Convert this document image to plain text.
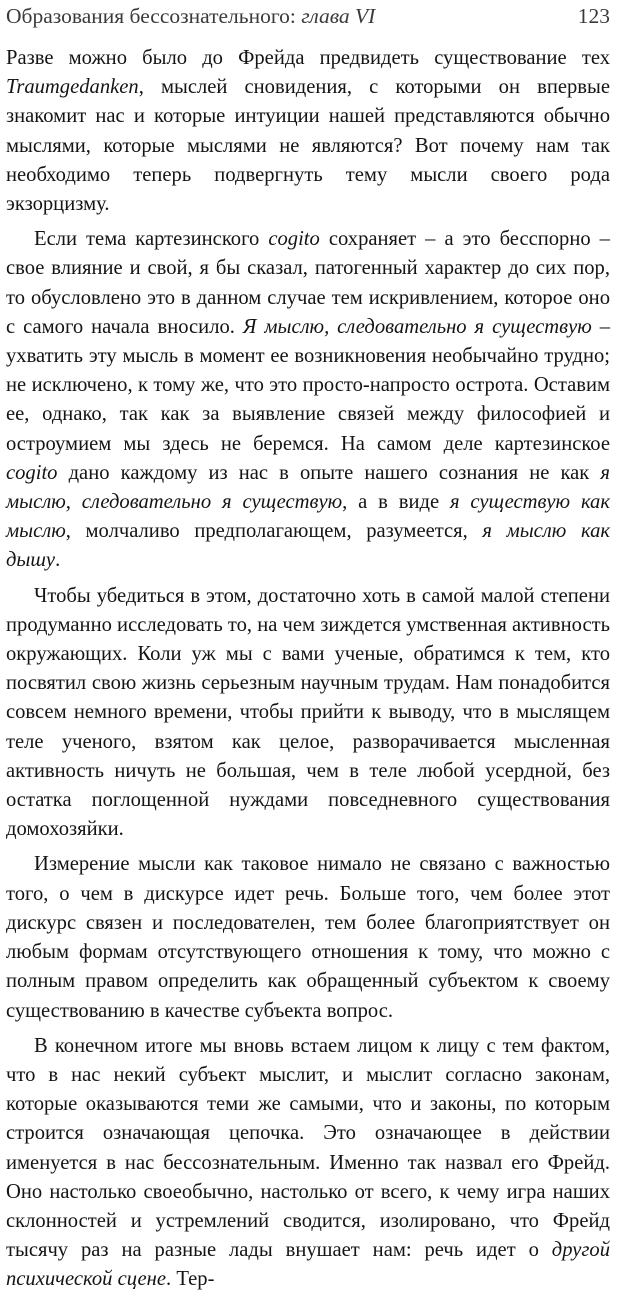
Образования бессознательного: глава VI	123

Разве можно было до Фрейда предвидеть существование тех Traumgedanken, мыслей сновидения, с которыми он впервые знакомит нас и которые интуиции нашей представляются обычно мыслями, которые мыслями не являются? Вот почему нам так необходимо теперь подвергнуть тему мысли своего рода экзорцизму.

Если тема картезинского cogito сохраняет – а это бесспорно – свое влияние и свой, я бы сказал, патогенный характер до сих пор, то обусловлено это в данном случае тем искривлением, которое оно с самого начала вносило. Я мыслю, следовательно я существую – ухватить эту мысль в момент ее возникновения необычайно трудно; не исключено, к тому же, что это просто-напросто острота. Оставим ее, однако, так как за выявление связей между философией и остроумием мы здесь не беремся. На самом деле картезинское cogito дано каждому из нас в опыте нашего сознания не как я мыслю, следовательно я существую, а в виде я существую как мыслю, молчаливо предполагающем, разумеется, я мыслю как дышу.

Чтобы убедиться в этом, достаточно хоть в самой малой степени продуманно исследовать то, на чем зиждется умственная активность окружающих. Коли уж мы с вами ученые, обратимся к тем, кто посвятил свою жизнь серьезным научным трудам. Нам понадобится совсем немного времени, чтобы прийти к выводу, что в мыслящем теле ученого, взятом как целое, разворачивается мысленная активность ничуть не большая, чем в теле любой усердной, без остатка поглощенной нуждами повседневного существования домохозяйки.

Измерение мысли как таковое нимало не связано с важностью того, о чем в дискурсе идет речь. Больше того, чем более этот дискурс связен и последователен, тем более благоприятствует он любым формам отсутствующего отношения к тому, что можно с полным правом определить как обращенный субъектом к своему существованию в качестве субъекта вопрос.

В конечном итоге мы вновь встаем лицом к лицу с тем фактом, что в нас некий субъект мыслит, и мыслит согласно законам, которые оказываются теми же самыми, что и законы, по которым строится означающая цепочка. Это означающее в действии именуется в нас бессознательным. Именно так назвал его Фрейд. Оно настолько своеобычно, настолько от всего, к чему игра наших склонностей и устремлений сводится, изолировано, что Фрейд тысячу раз на разные лады внушает нам: речь идет о другой психической сцене. Тер-
